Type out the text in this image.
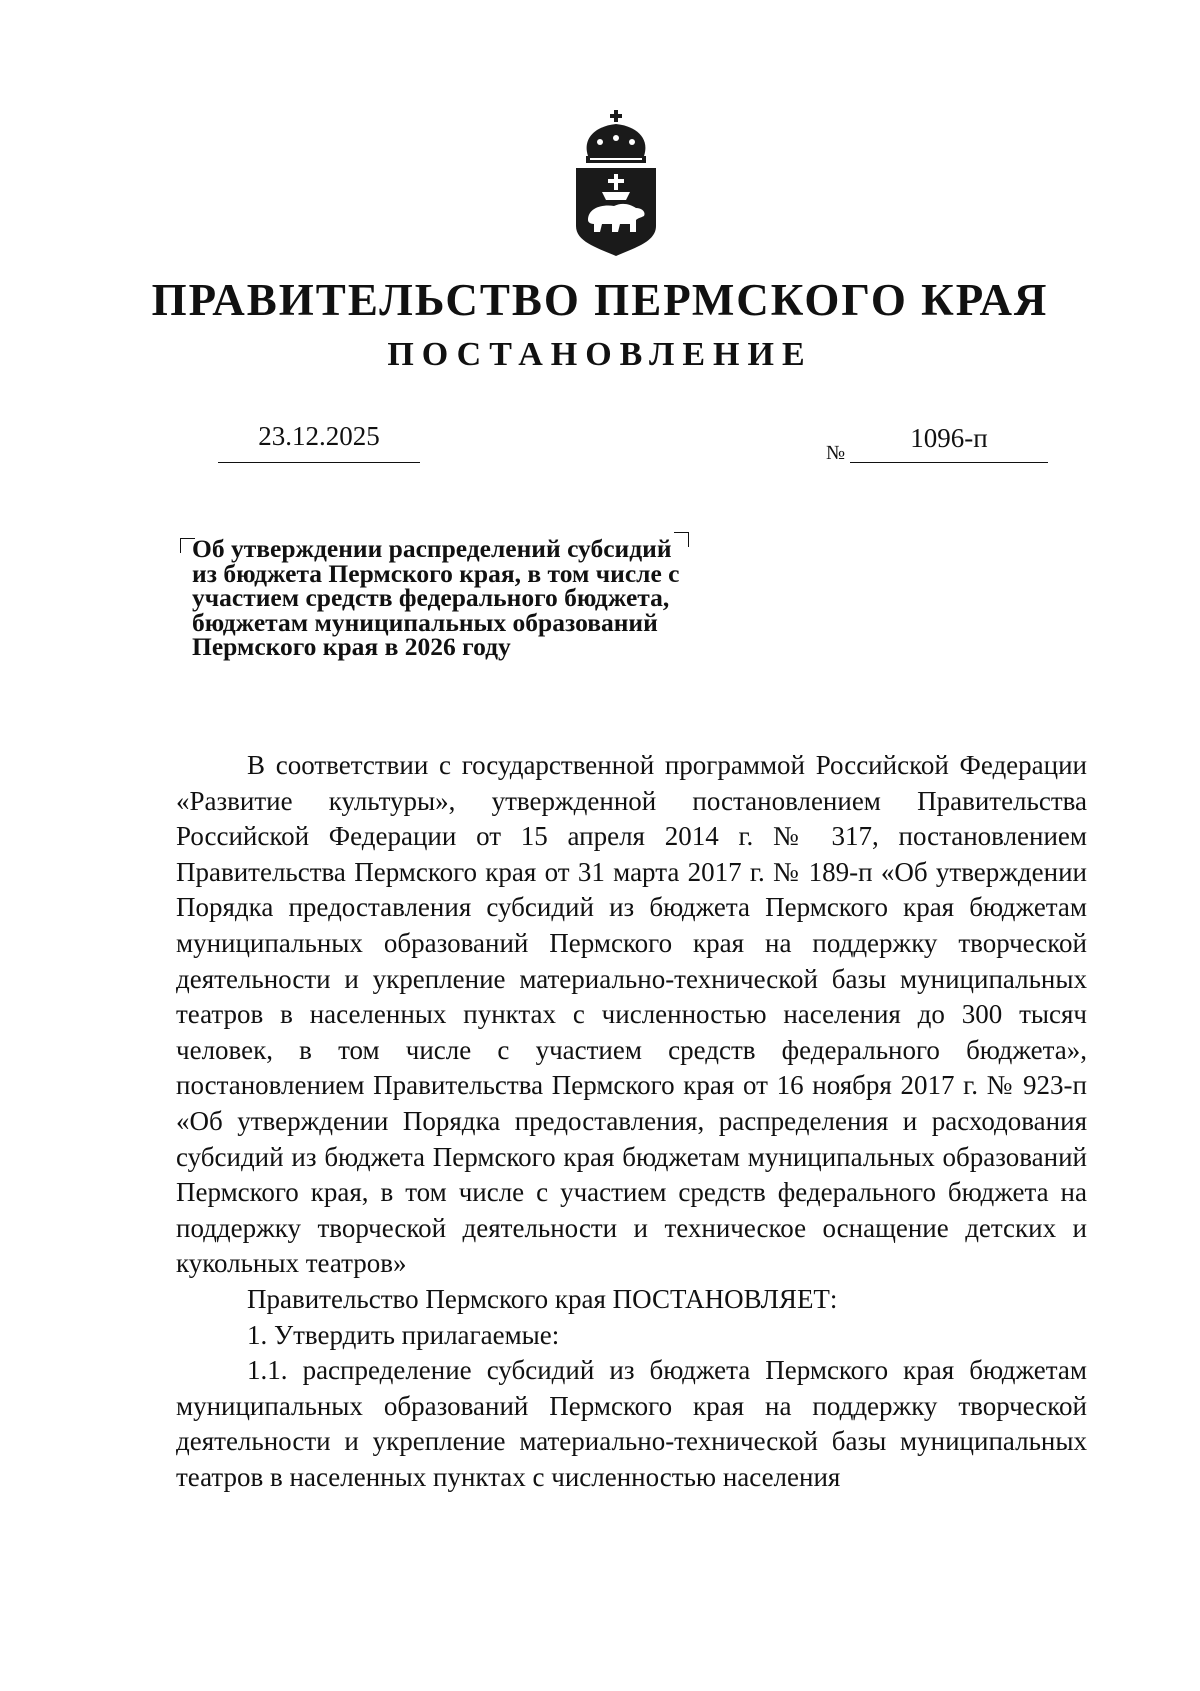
ПРАВИТЕЛЬСТВО ПЕРМСКОГО КРАЯ
ПОСТАНОВЛЕНИЕ
23.12.2025
№	1096-п

Об утверждении распределений субсидий из бюджета Пермского края, в том числе с участием средств федерального бюджета, бюджетам муниципальных образований Пермского края в 2026 году

В соответствии с государственной программой Российской Федерации «Развитие культуры», утвержденной постановлением Правительства Российской Федерации от 15 апреля 2014 г. № 317, постановлением Правительства Пермского края от 31 марта 2017 г. № 189-п «Об утверждении Порядка предоставления субсидий из бюджета Пермского края бюджетам муниципальных образований Пермского края на поддержку творческой деятельности и укрепление материально-технической базы муниципальных театров в населенных пунктах с численностью населения до 300 тысяч человек, в том числе с участием средств федерального бюджета», постановлением Правительства Пермского края от 16 ноября 2017 г. № 923-п «Об утверждении Порядка предоставления, распределения и расходования субсидий из бюджета Пермского края бюджетам муниципальных образований Пермского края, в том числе с участием средств федерального бюджета на поддержку творческой деятельности и техническое оснащение детских и кукольных театров»

Правительство Пермского края ПОСТАНОВЛЯЕТ:

1. Утвердить прилагаемые:

1.1. распределение субсидий из бюджета Пермского края бюджетам муниципальных образований Пермского края на поддержку творческой деятельности и укрепление материально-технической базы муниципальных театров в населенных пунктах с численностью населения
